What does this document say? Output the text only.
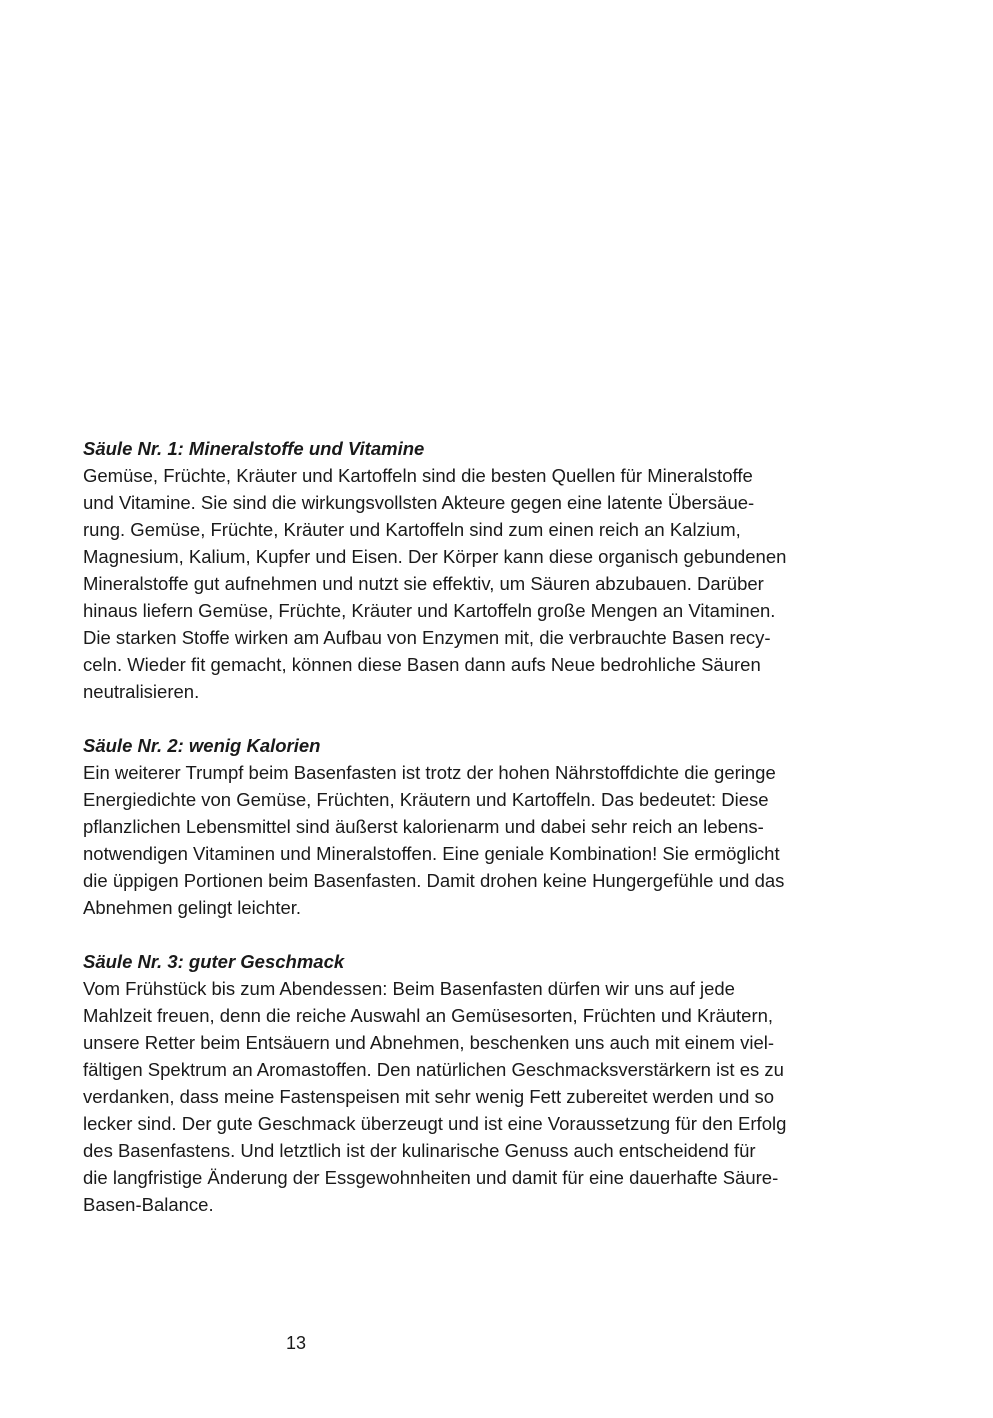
Säule Nr. 1: Mineralstoffe und Vitamine

Gemüse, Früchte, Kräuter und Kartoffeln sind die besten Quellen für Mineralstoffe

und Vitamine. Sie sind die wirkungsvollsten Akteure gegen eine latente Übersäue-

rung. Gemüse, Früchte, Kräuter und Kartoffeln sind zum einen reich an Kalzium,

Magnesium, Kalium, Kupfer und Eisen. Der Körper kann diese organisch gebundenen

Mineralstoffe gut aufnehmen und nutzt sie effektiv, um Säuren abzubauen. Darüber

hinaus liefern Gemüse, Früchte, Kräuter und Kartoffeln große Mengen an Vitaminen.

Die starken Stoffe wirken am Aufbau von Enzymen mit, die verbrauchte Basen recy-

celn. Wieder fit gemacht, können diese Basen dann aufs Neue bedrohliche Säuren

neutralisieren.

Säule Nr. 2: wenig Kalorien

Ein weiterer Trumpf beim Basenfasten ist trotz der hohen Nährstoffdichte die geringe

Energiedichte von Gemüse, Früchten, Kräutern und Kartoffeln. Das bedeutet: Diese

pflanzlichen Lebensmittel sind äußerst kalorienarm und dabei sehr reich an lebens-

notwendigen Vitaminen und Mineralstoffen. Eine geniale Kombination! Sie ermöglicht

die üppigen Portionen beim Basenfasten. Damit drohen keine Hungergefühle und das

Abnehmen gelingt leichter.

Säule Nr. 3: guter Geschmack

Vom Frühstück bis zum Abendessen: Beim Basenfasten dürfen wir uns auf jede

Mahlzeit freuen, denn die reiche Auswahl an Gemüsesorten, Früchten und Kräutern,

unsere Retter beim Entsäuern und Abnehmen, beschenken uns auch mit einem viel-

fältigen Spektrum an Aromastoffen. Den natürlichen Geschmacksverstärkern ist es zu

verdanken, dass meine Fastenspeisen mit sehr wenig Fett zubereitet werden und so

lecker sind. Der gute Geschmack überzeugt und ist eine Voraussetzung für den Erfolg

des Basenfastens. Und letztlich ist der kulinarische Genuss auch entscheidend für

die langfristige Änderung der Essgewohnheiten und damit für eine dauerhafte Säure-

Basen-Balance.

13
